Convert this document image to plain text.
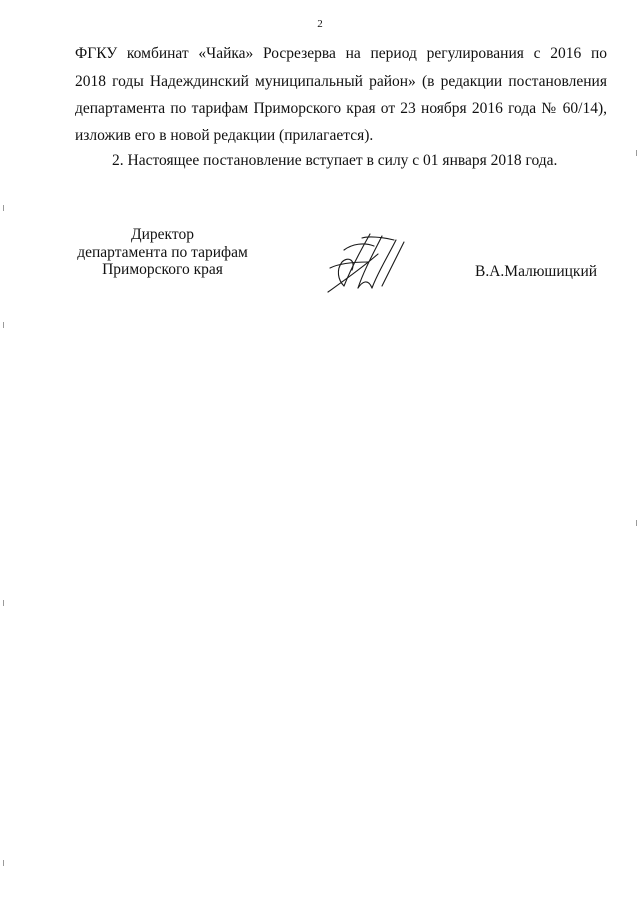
2
ФГКУ комбинат «Чайка» Росрезерва на период регулирования с 2016 по
2018 годы Надеждинский муниципальный район» (в редакции постановления
департамента по тарифам Приморского края от 23 ноября 2016 года № 60/14),
изложив его в новой редакции (прилагается).
2. Настоящее постановление вступает в силу с 01 января 2018 года.
Директор
департамента по тарифам
Приморского края	В.А.Малюшицкий
